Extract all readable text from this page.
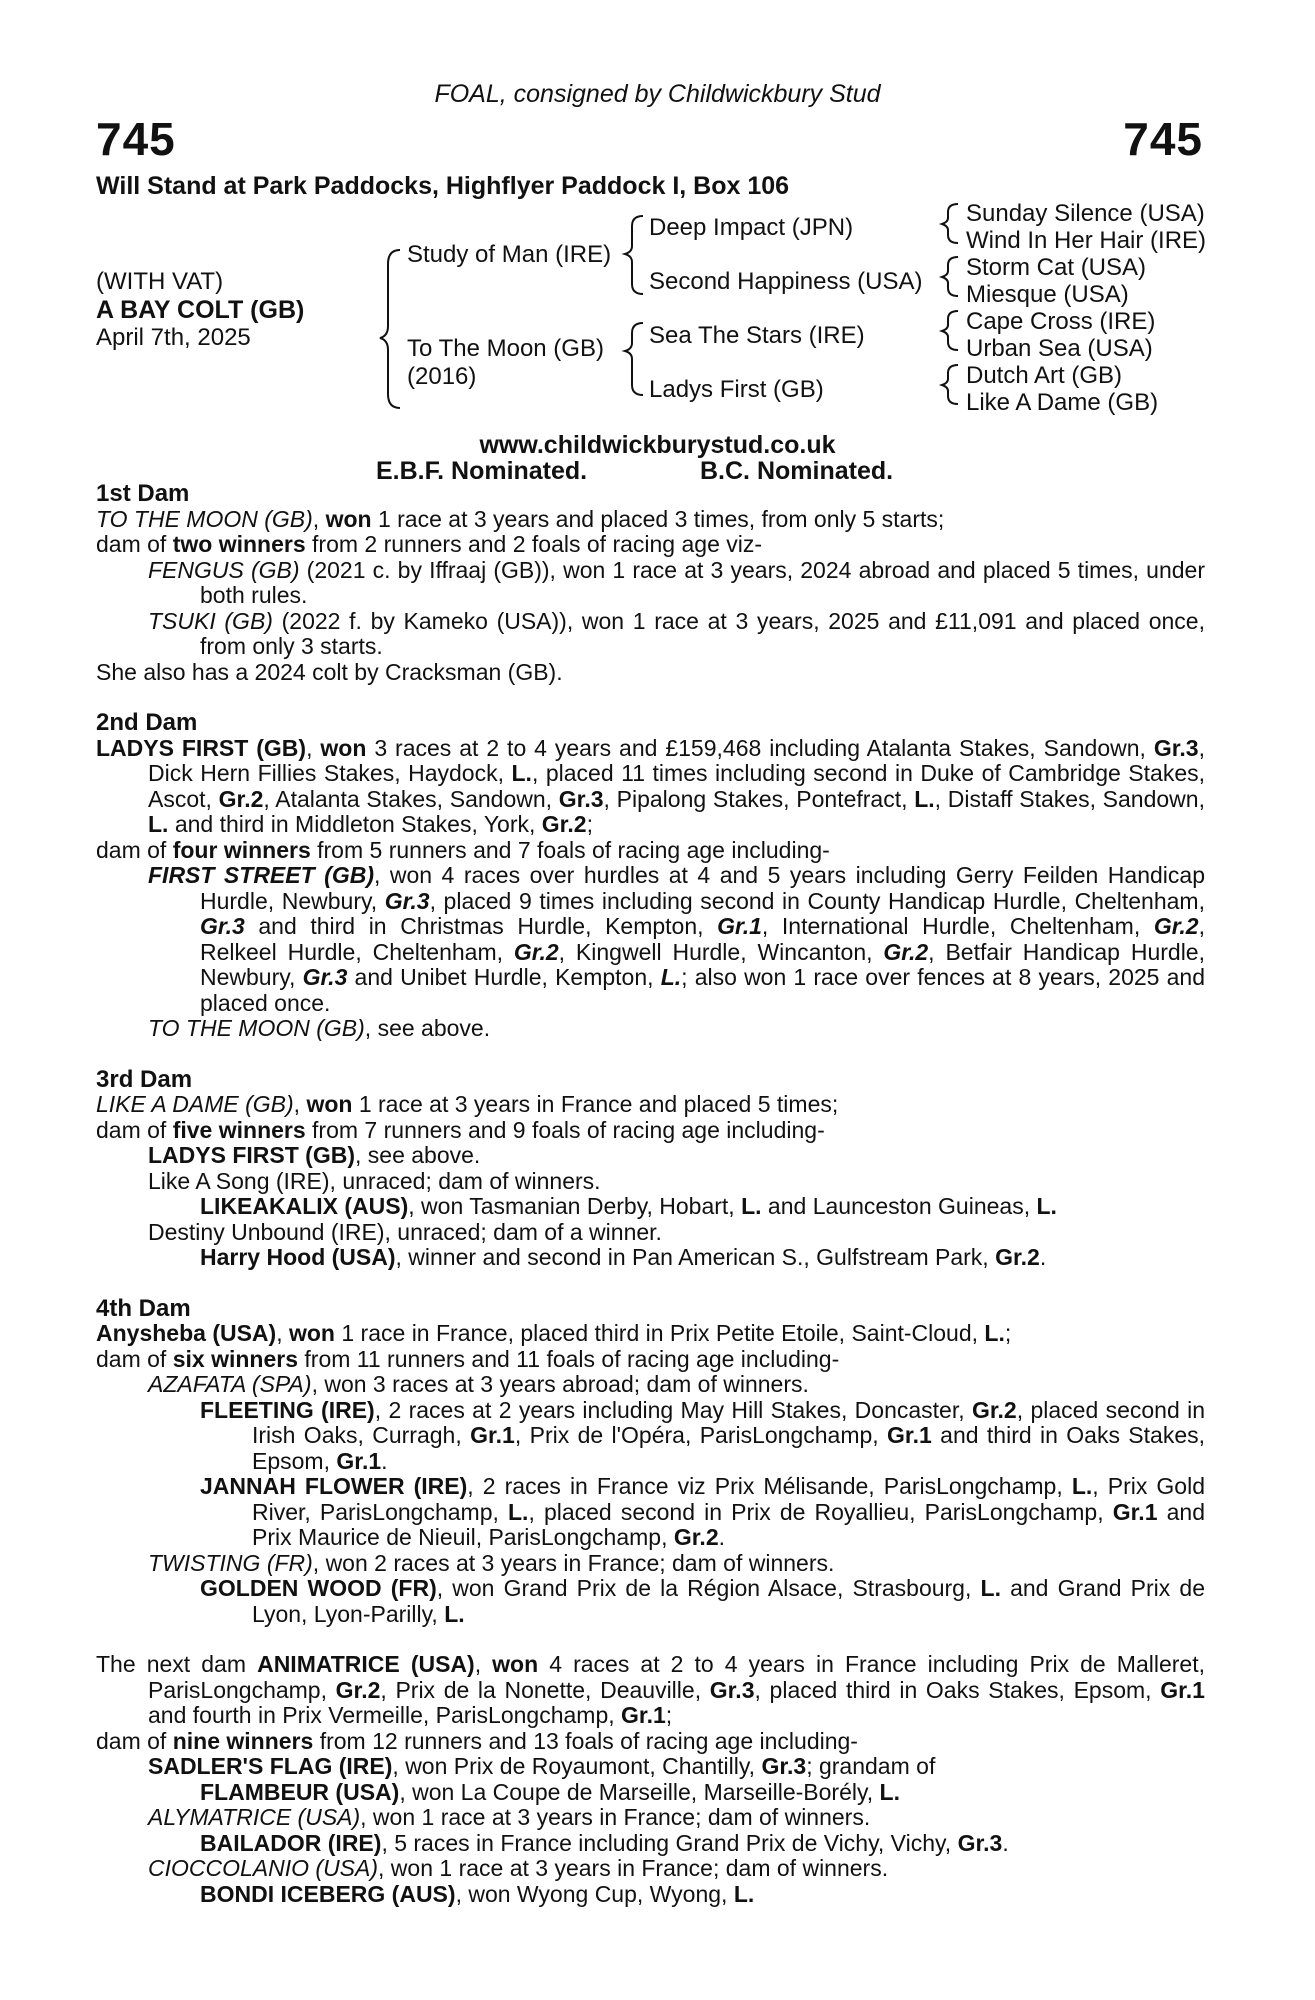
FOAL, consigned by Childwickbury Stud
745	745
Will Stand at Park Paddocks, Highflyer Paddock I, Box 106
(WITH VAT)
A BAY COLT (GB)
April 7th, 2025
Study of Man (IRE)
To The Moon (GB)
(2016)
Deep Impact (JPN)
Second Happiness (USA)
Sea The Stars (IRE)
Ladys First (GB)
Sunday Silence (USA)
Wind In Her Hair (IRE)
Storm Cat (USA)
Miesque (USA)
Cape Cross (IRE)
Urban Sea (USA)
Dutch Art (GB)
Like A Dame (GB)
www.childwickburystud.co.uk
E.B.F. Nominated.	B.C. Nominated.
1st Dam
TO THE MOON (GB), won 1 race at 3 years and placed 3 times, from only 5 starts;
dam of two winners from 2 runners and 2 foals of racing age viz-
FENGUS (GB) (2021 c. by Iffraaj (GB)), won 1 race at 3 years, 2024 abroad and placed 5 times, under both rules.
TSUKI (GB) (2022 f. by Kameko (USA)), won 1 race at 3 years, 2025 and £11,091 and placed once, from only 3 starts.
She also has a 2024 colt by Cracksman (GB).
2nd Dam
LADYS FIRST (GB), won 3 races at 2 to 4 years and £159,468 including Atalanta Stakes, Sandown, Gr.3, Dick Hern Fillies Stakes, Haydock, L., placed 11 times including second in Duke of Cambridge Stakes, Ascot, Gr.2, Atalanta Stakes, Sandown, Gr.3, Pipalong Stakes, Pontefract, L., Distaff Stakes, Sandown, L. and third in Middleton Stakes, York, Gr.2;
dam of four winners from 5 runners and 7 foals of racing age including-
FIRST STREET (GB), won 4 races over hurdles at 4 and 5 years including Gerry Feilden Handicap Hurdle, Newbury, Gr.3, placed 9 times including second in County Handicap Hurdle, Cheltenham, Gr.3 and third in Christmas Hurdle, Kempton, Gr.1, International Hurdle, Cheltenham, Gr.2, Relkeel Hurdle, Cheltenham, Gr.2, Kingwell Hurdle, Wincanton, Gr.2, Betfair Handicap Hurdle, Newbury, Gr.3 and Unibet Hurdle, Kempton, L.; also won 1 race over fences at 8 years, 2025 and placed once.
TO THE MOON (GB), see above.
3rd Dam
LIKE A DAME (GB), won 1 race at 3 years in France and placed 5 times;
dam of five winners from 7 runners and 9 foals of racing age including-
LADYS FIRST (GB), see above.
Like A Song (IRE), unraced; dam of winners.
LIKEAKALIX (AUS), won Tasmanian Derby, Hobart, L. and Launceston Guineas, L.
Destiny Unbound (IRE), unraced; dam of a winner.
Harry Hood (USA), winner and second in Pan American S., Gulfstream Park, Gr.2.
4th Dam
Anysheba (USA), won 1 race in France, placed third in Prix Petite Etoile, Saint-Cloud, L.;
dam of six winners from 11 runners and 11 foals of racing age including-
AZAFATA (SPA), won 3 races at 3 years abroad; dam of winners.
FLEETING (IRE), 2 races at 2 years including May Hill Stakes, Doncaster, Gr.2, placed second in Irish Oaks, Curragh, Gr.1, Prix de l'Opéra, ParisLongchamp, Gr.1 and third in Oaks Stakes, Epsom, Gr.1.
JANNAH FLOWER (IRE), 2 races in France viz Prix Mélisande, ParisLongchamp, L., Prix Gold River, ParisLongchamp, L., placed second in Prix de Royallieu, ParisLongchamp, Gr.1 and Prix Maurice de Nieuil, ParisLongchamp, Gr.2.
TWISTING (FR), won 2 races at 3 years in France; dam of winners.
GOLDEN WOOD (FR), won Grand Prix de la Région Alsace, Strasbourg, L. and Grand Prix de Lyon, Lyon-Parilly, L.
The next dam ANIMATRICE (USA), won 4 races at 2 to 4 years in France including Prix de Malleret, ParisLongchamp, Gr.2, Prix de la Nonette, Deauville, Gr.3, placed third in Oaks Stakes, Epsom, Gr.1 and fourth in Prix Vermeille, ParisLongchamp, Gr.1;
dam of nine winners from 12 runners and 13 foals of racing age including-
SADLER'S FLAG (IRE), won Prix de Royaumont, Chantilly, Gr.3; grandam of
FLAMBEUR (USA), won La Coupe de Marseille, Marseille-Borély, L.
ALYMATRICE (USA), won 1 race at 3 years in France; dam of winners.
BAILADOR (IRE), 5 races in France including Grand Prix de Vichy, Vichy, Gr.3.
CIOCCOLANIO (USA), won 1 race at 3 years in France; dam of winners.
BONDI ICEBERG (AUS), won Wyong Cup, Wyong, L.
